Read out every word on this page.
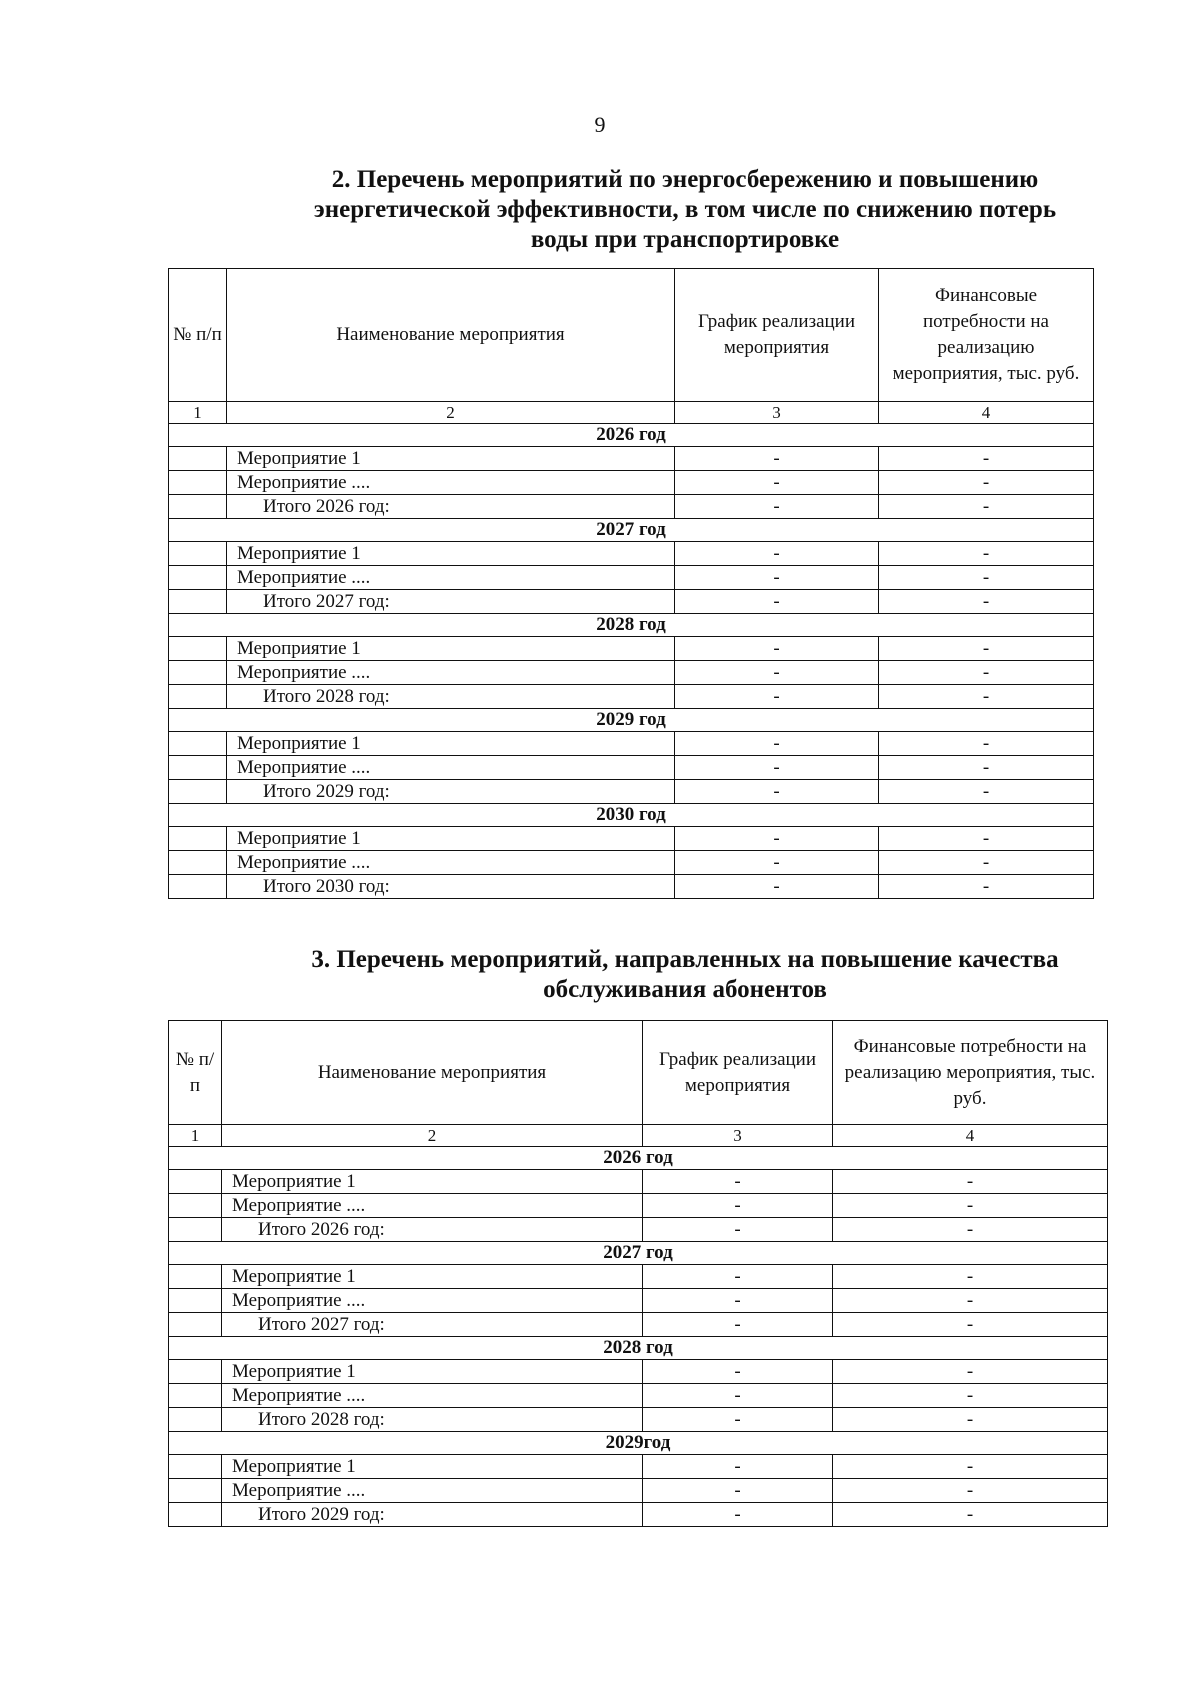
9
2. Перечень мероприятий по энергосбережению и повышению
энергетической эффективности, в том числе по снижению потерь
воды при транспортировке
№ п/п	Наименование мероприятия	График реализации мероприятия	Финансовые потребности на реализацию мероприятия, тыс. руб.
1	2	3	4
2026 год			
	Мероприятие 1	-	-
	Мероприятие ....	-	-
	Итого 2026 год:	-	-
2027 год			
	Мероприятие 1	-	-
	Мероприятие ....	-	-
	Итого 2027 год:	-	-
2028 год			
	Мероприятие 1	-	-
	Мероприятие ....	-	-
	Итого 2028 год:	-	-
2029 год			
	Мероприятие 1	-	-
	Мероприятие ....	-	-
	Итого 2029 год:	-	-
2030 год			
	Мероприятие 1	-	-
	Мероприятие ....	-	-
	Итого 2030 год:	-	-
3. Перечень мероприятий, направленных на повышение качества
обслуживания абонентов
№ п/п	Наименование мероприятия	График реализации мероприятия	Финансовые потребности на реализацию мероприятия, тыс. руб.
1	2	3	4
2026 год			
	Мероприятие 1	-	-
	Мероприятие ....	-	-
	Итого 2026 год:	-	-
2027 год			
	Мероприятие 1	-	-
	Мероприятие ....	-	-
	Итого 2027 год:	-	-
2028 год			
	Мероприятие 1	-	-
	Мероприятие ....	-	-
	Итого 2028 год:	-	-
2029год			
	Мероприятие 1	-	-
	Мероприятие ....	-	-
	Итого 2029 год:	-	-
